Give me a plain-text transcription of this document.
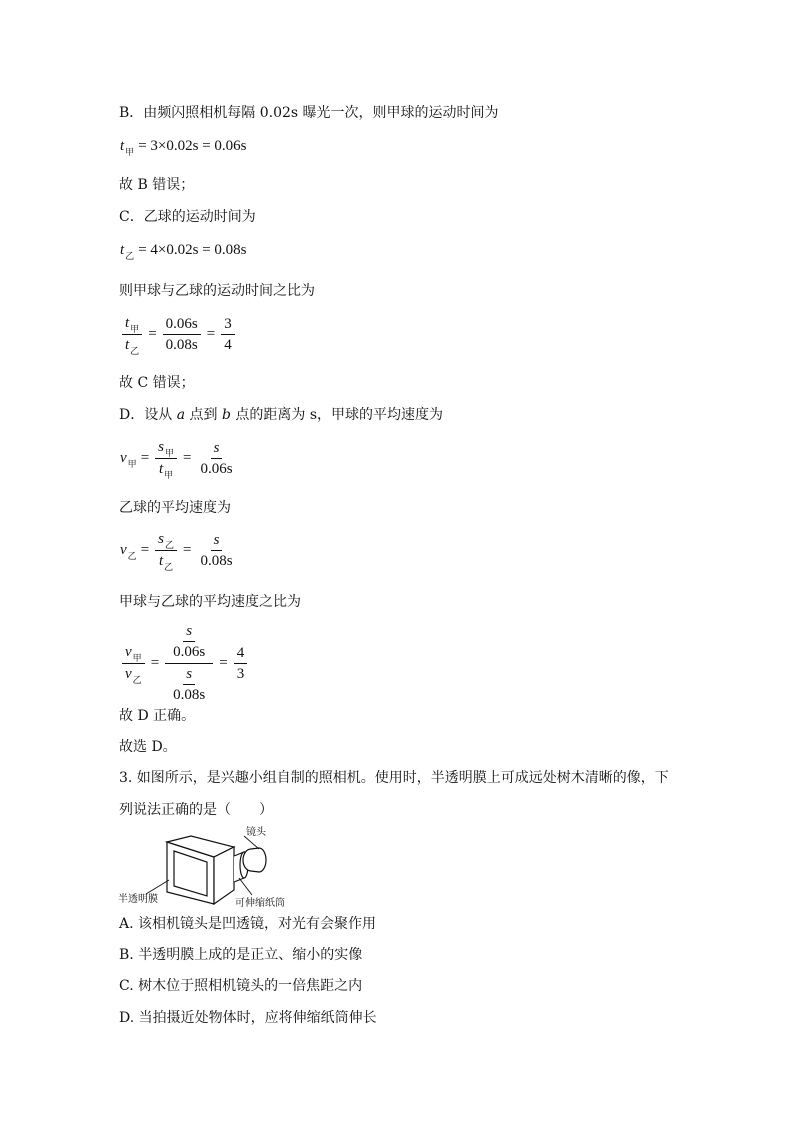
B．由频闪照相机每隔 0.02s 曝光一次，则甲球的运动时间为
t 甲 = 3×0.02s = 0.06s
故 B 错误；
C．乙球的运动时间为
t 乙 = 4×0.02s = 0.08s
则甲球与乙球的运动时间之比为
$\frac{t_甲}{t_乙} = \frac{0.06s}{0.08s} = \frac{3}{4}$
故 C 错误；
D．设从 a 点到 b 点的距离为 s，甲球的平均速度为
v 甲 = $\frac{s_甲}{t_甲} = \frac{s}{0.06s}$
乙球的平均速度为
v 乙 = $\frac{s_乙}{t_乙} = \frac{s}{0.08s}$
甲球与乙球的平均速度之比为
$\frac{v_甲}{v_乙} = \frac{\frac{s}{0.06s}}{\frac{s}{0.08s}} = \frac{4}{3}$
故 D 正确。
故选 D。
3. 如图所示，是兴趣小组自制的照相机。使用时，半透明膜上可成远处树木清晰的像，下
列说法正确的是（　　）
镜头
半透明膜	可伸缩纸筒
A. 该相机镜头是凹透镜，对光有会聚作用
B. 半透明膜上成的是正立、缩小的实像
C. 树木位于照相机镜头的一倍焦距之内
D. 当拍摄近处物体时，应将伸缩纸筒伸长
